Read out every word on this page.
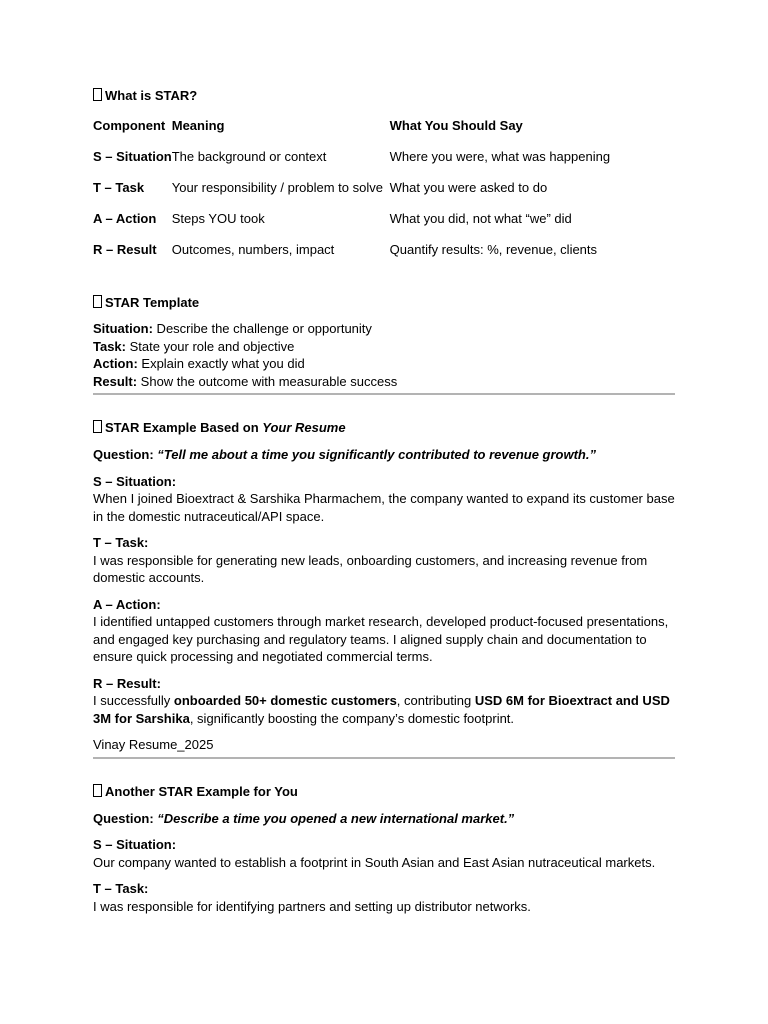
What is STAR?
Component	Meaning	What You Should Say
S – Situation	The background or context	Where you were, what was happening
T – Task	Your responsibility / problem to solve	What you were asked to do
A – Action	Steps YOU took	What you did, not what “we” did
R – Result	Outcomes, numbers, impact	Quantify results: %, revenue, clients
STAR Template
Situation: Describe the challenge or opportunity
Task: State your role and objective
Action: Explain exactly what you did
Result: Show the outcome with measurable success
STAR Example Based on Your Resume
Question: “Tell me about a time you significantly contributed to revenue growth.”
S – Situation:
When I joined Bioextract & Sarshika Pharmachem, the company wanted to expand its customer base in the domestic nutraceutical/API space.
T – Task:
I was responsible for generating new leads, onboarding customers, and increasing revenue from domestic accounts.
A – Action:
I identified untapped customers through market research, developed product-focused presentations, and engaged key purchasing and regulatory teams. I aligned supply chain and documentation to ensure quick processing and negotiated commercial terms.
R – Result:
I successfully onboarded 50+ domestic customers, contributing USD 6M for Bioextract and USD 3M for Sarshika, significantly boosting the company’s domestic footprint.
Vinay Resume_2025
Another STAR Example for You
Question: “Describe a time you opened a new international market.”
S – Situation:
Our company wanted to establish a footprint in South Asian and East Asian nutraceutical markets.
T – Task:
I was responsible for identifying partners and setting up distributor networks.
